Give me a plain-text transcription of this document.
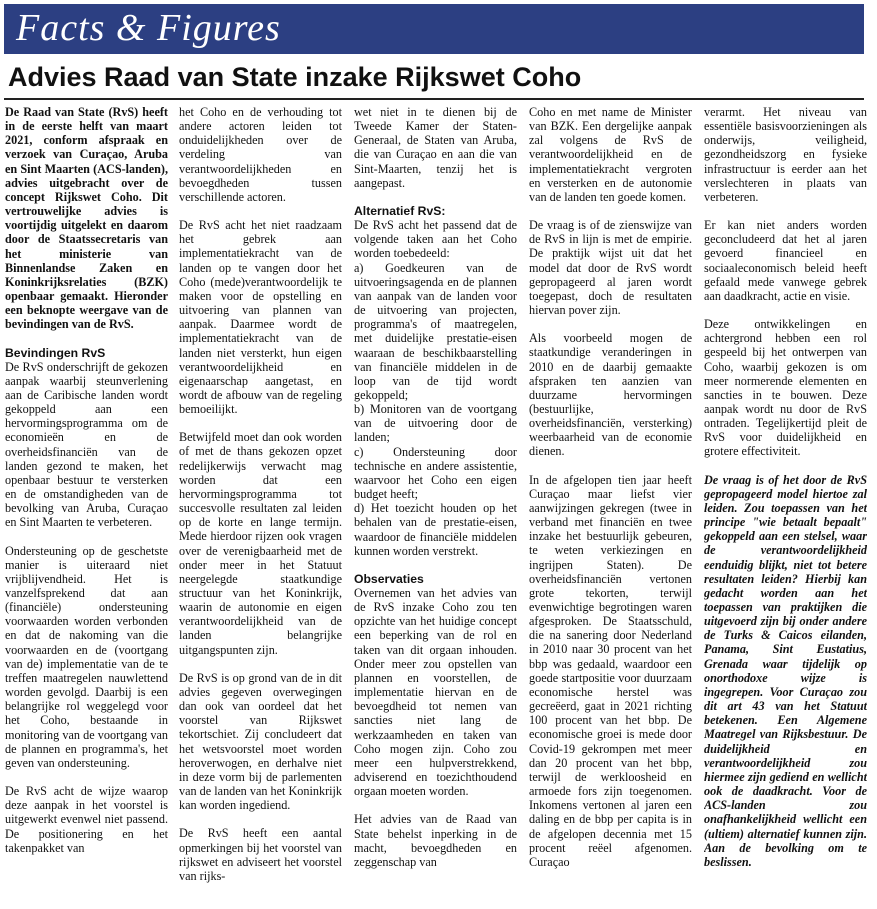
Facts & Figures
Advies Raad van State inzake Rijkswet Coho

De Raad van State (RvS) heeft in de eerste helft van maart 2021, conform afspraak en verzoek van Curaçao, Aruba en Sint Maarten (ACS-landen), advies uitgebracht over de concept Rijkswet Coho. Dit vertrouwelijke advies is voortijdig uitgelekt en daarom door de Staatssecretaris van het ministerie van Binnenlandse Zaken en Koninkrijksrelaties (BZK) openbaar gemaakt. Hieronder een beknopte weergave van de bevindingen van de RvS.

Bevindingen RvS

De RvS onderschrijft de gekozen aanpak waarbij steunverlening aan de Caribische landen wordt gekoppeld aan een hervormingsprogramma om de economieën en de overheidsfinanciën van de landen gezond te maken, het openbaar bestuur te versterken en de omstandigheden van de bevolking van Aruba, Curaçao en Sint Maarten te verbeteren.

Ondersteuning op de geschetste manier is uiteraard niet vrijblijvendheid. Het is vanzelfsprekend dat aan (financiële) ondersteuning voorwaarden worden verbonden en dat de nakoming van die voorwaarden en de (voortgang van de) implementatie van de te treffen maatregelen nauwlettend worden gevolgd. Daarbij is een belangrijke rol weggelegd voor het Coho, bestaande in monitoring van de voortgang van de plannen en programma's, het geven van ondersteuning.

De RvS acht de wijze waarop deze aanpak in het voorstel is uitgewerkt evenwel niet passend. De positionering en het takenpakket van

het Coho en de verhouding tot andere actoren leiden tot onduidelijkheden over de verdeling van verantwoordelijkheden en bevoegdheden tussen verschillende actoren.

De RvS acht het niet raadzaam het gebrek aan implementatiekracht van de landen op te vangen door het Coho (mede)verantwoordelijk te maken voor de opstelling en uitvoering van plannen van aanpak. Daarmee wordt de implementatiekracht van de landen niet versterkt, hun eigen verantwoordelijkheid en eigenaarschap aangetast, en wordt de afbouw van de regeling bemoeilijkt.

Betwijfeld moet dan ook worden of met de thans gekozen opzet redelijkerwijs verwacht mag worden dat een hervormingsprogramma tot succesvolle resultaten zal leiden op de korte en lange termijn. Mede hierdoor rijzen ook vragen over de verenigbaarheid met de onder meer in het Statuut neergelegde staatkundige structuur van het Koninkrijk, waarin de autonomie en eigen verantwoordelijkheid van de landen belangrijke uitgangspunten zijn.

De RvS is op grond van de in dit advies gegeven overwegingen dan ook van oordeel dat het voorstel van Rijkswet tekortschiet. Zij concludeert dat het wetsvoorstel moet worden heroverwogen, en derhalve niet in deze vorm bij de parlementen van de landen van het Koninkrijk kan worden ingediend.

De RvS heeft een aantal opmerkingen bij het voorstel van rijkswet en adviseert het voorstel van rijks-

wet niet in te dienen bij de Tweede Kamer der Staten-Generaal, de Staten van Aruba, die van Curaçao en aan die van Sint-Maarten, tenzij het is aangepast.

Alternatief RvS:

De RvS acht het passend dat de volgende taken aan het Coho worden toebedeeld:

a) Goedkeuren van de uitvoeringsagenda en de plannen van aanpak van de landen voor de uitvoering van projecten, programma's of maatregelen, met duidelijke prestatie-eisen waaraan de beschikbaarstelling van financiële middelen in de loop van de tijd wordt gekoppeld;

b) Monitoren van de voortgang van de uitvoering door de landen;

c) Ondersteuning door technische en andere assistentie, waarvoor het Coho een eigen budget heeft;

d) Het toezicht houden op het behalen van de prestatie-eisen, waardoor de financiële middelen kunnen worden verstrekt.

Observaties

Overnemen van het advies van de RvS inzake Coho zou ten opzichte van het huidige concept een beperking van de rol en taken van dit orgaan inhouden. Onder meer zou opstellen van plannen en voorstellen, de implementatie hiervan en de bevoegdheid tot nemen van sancties niet lang de werkzaamheden en taken van Coho mogen zijn. Coho zou meer een hulpverstrekkend, adviserend en toezichthoudend orgaan moeten worden.

Het advies van de Raad van State behelst inperking in de macht, bevoegdheden en zeggenschap van

Coho en met name de Minister van BZK. Een dergelijke aanpak zal volgens de RvS de verantwoordelijkheid en de implementatiekracht vergroten en versterken en de autonomie van de landen ten goede komen.

De vraag is of de zienswijze van de RvS in lijn is met de empirie. De praktijk wijst uit dat het model dat door de RvS wordt gepropageerd al jaren wordt toegepast, doch de resultaten hiervan pover zijn.

Als voorbeeld mogen de staatkundige veranderingen in 2010 en de daarbij gemaakte afspraken ten aanzien van duurzame hervormingen (bestuurlijke, overheidsfinanciën, versterking) weerbaarheid van de economie dienen.

In de afgelopen tien jaar heeft Curaçao maar liefst vier aanwijzingen gekregen (twee in verband met financiën en twee inzake het bestuurlijk gebeuren, te weten verkiezingen en ingrijpen Staten). De overheidsfinanciën vertonen grote tekorten, terwijl evenwichtige begrotingen waren afgesproken. De Staatsschuld, die na sanering door Nederland in 2010 naar 30 procent van het bbp was gedaald, waardoor een goede startpositie voor duurzaam economische herstel was gecreëerd, gaat in 2021 richting 100 procent van het bbp. De economische groei is mede door Covid-19 gekrompen met meer dan 20 procent van het bbp, terwijl de werkloosheid en armoede fors zijn toegenomen. Inkomens vertonen al jaren een daling en de bbp per capita is in de afgelopen decennia met 15 procent reëel afgenomen. Curaçao

verarmt. Het niveau van essentiële basisvoorzieningen als onderwijs, veiligheid, gezondheidszorg en fysieke infrastructuur is eerder aan het verslechteren in plaats van verbeteren.

Er kan niet anders worden geconcludeerd dat het al jaren gevoerd financieel en sociaaleconomisch beleid heeft gefaald mede vanwege gebrek aan daadkracht, actie en visie.

Deze ontwikkelingen en achtergrond hebben een rol gespeeld bij het ontwerpen van Coho, waarbij gekozen is om meer normerende elementen en sancties in te bouwen. Deze aanpak wordt nu door de RvS ontraden. Tegelijkertijd pleit de RvS voor duidelijkheid en grotere effectiviteit.

De vraag is of het door de RvS gepropageerd model hiertoe zal leiden. Zou toepassen van het principe "wie betaalt bepaalt" gekoppeld aan een stelsel, waar de verantwoordelijkheid eenduidig blijkt, niet tot betere resultaten leiden? Hierbij kan gedacht worden aan het toepassen van praktijken die uitgevoerd zijn bij onder andere de Turks & Caicos eilanden, Panama, Sint Eustatius, Grenada waar tijdelijk op onorthodoxe wijze is ingegrepen. Voor Curaçao zou dit art 43 van het Statuut betekenen. Een Algemene Maatregel van Rijksbestuur. De duidelijkheid en verantwoordelijkheid zou hiermee zijn gediend en wellicht ook de daadkracht. Voor de ACS-landen zou onafhankelijkheid wellicht een (ultiem) alternatief kunnen zijn. Aan de bevolking om te beslissen.
